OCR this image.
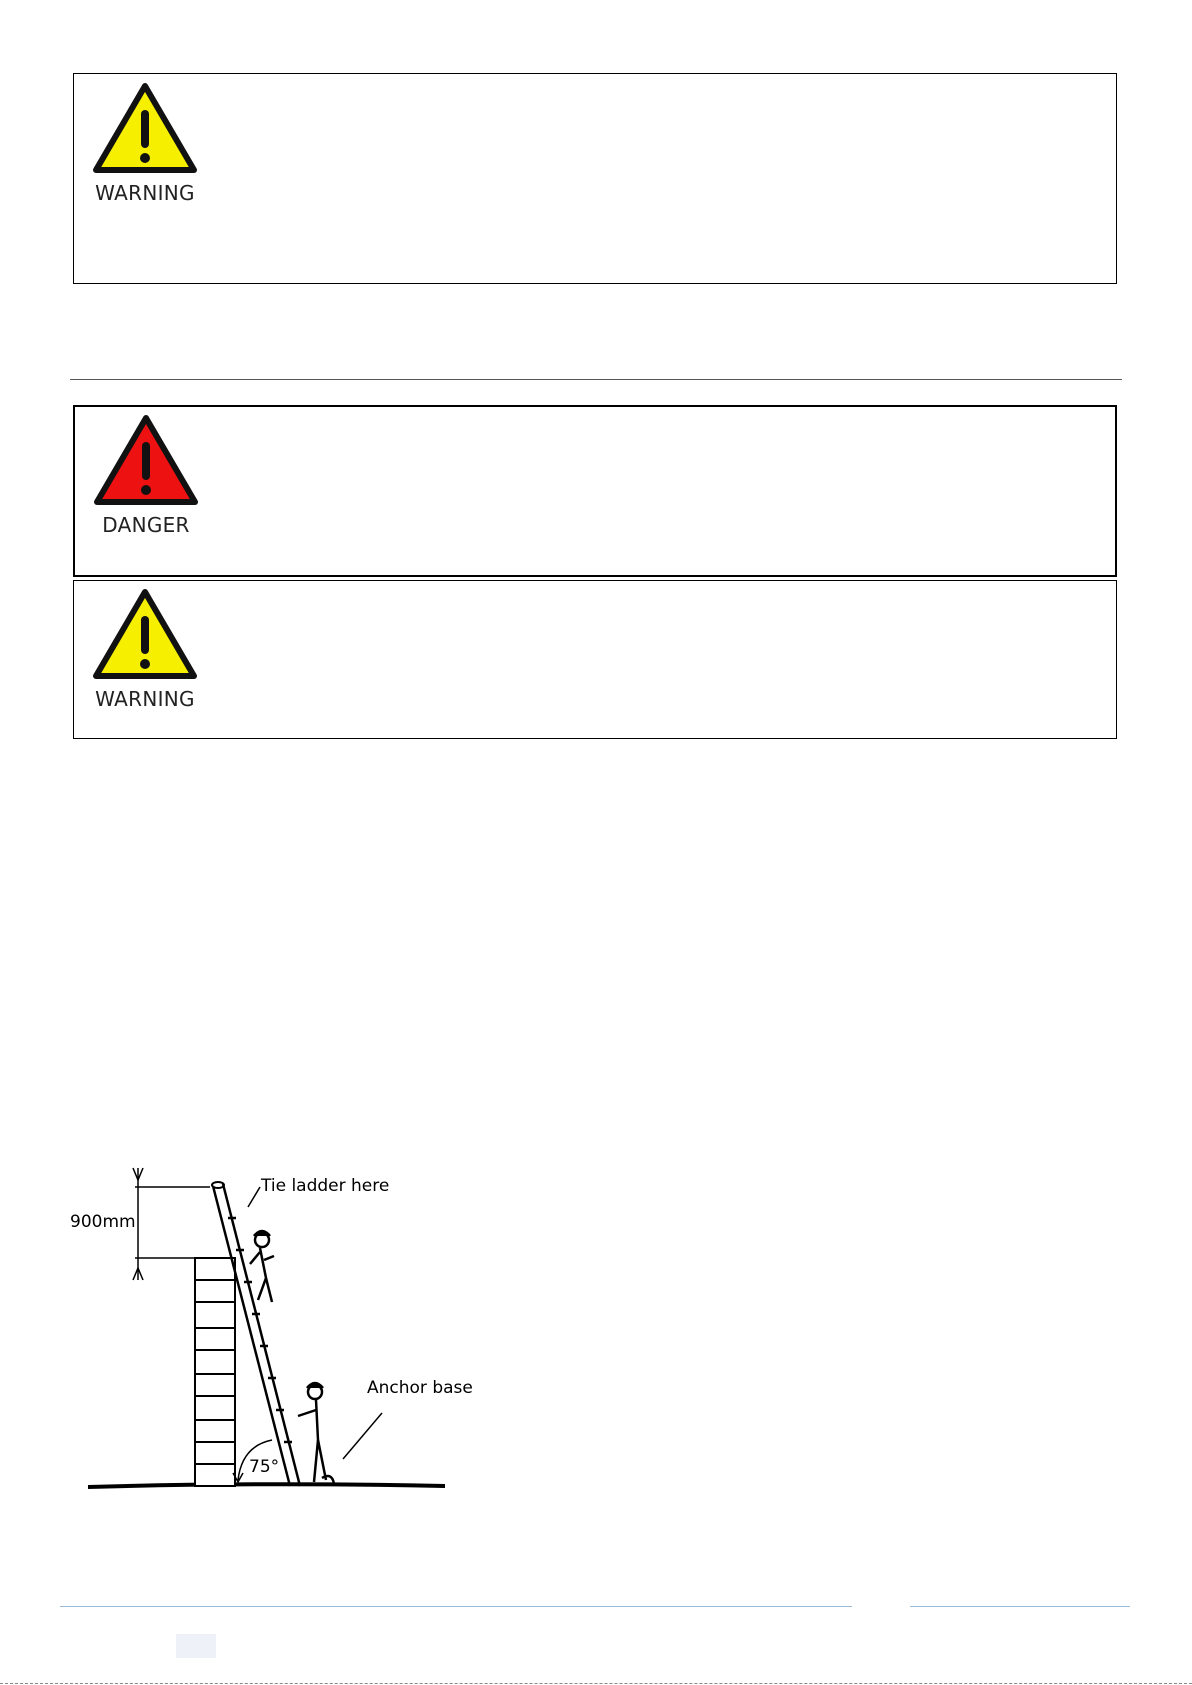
WARNING
DANGER
WARNING
900mm
75°
Tie ladder here
Anchor base
